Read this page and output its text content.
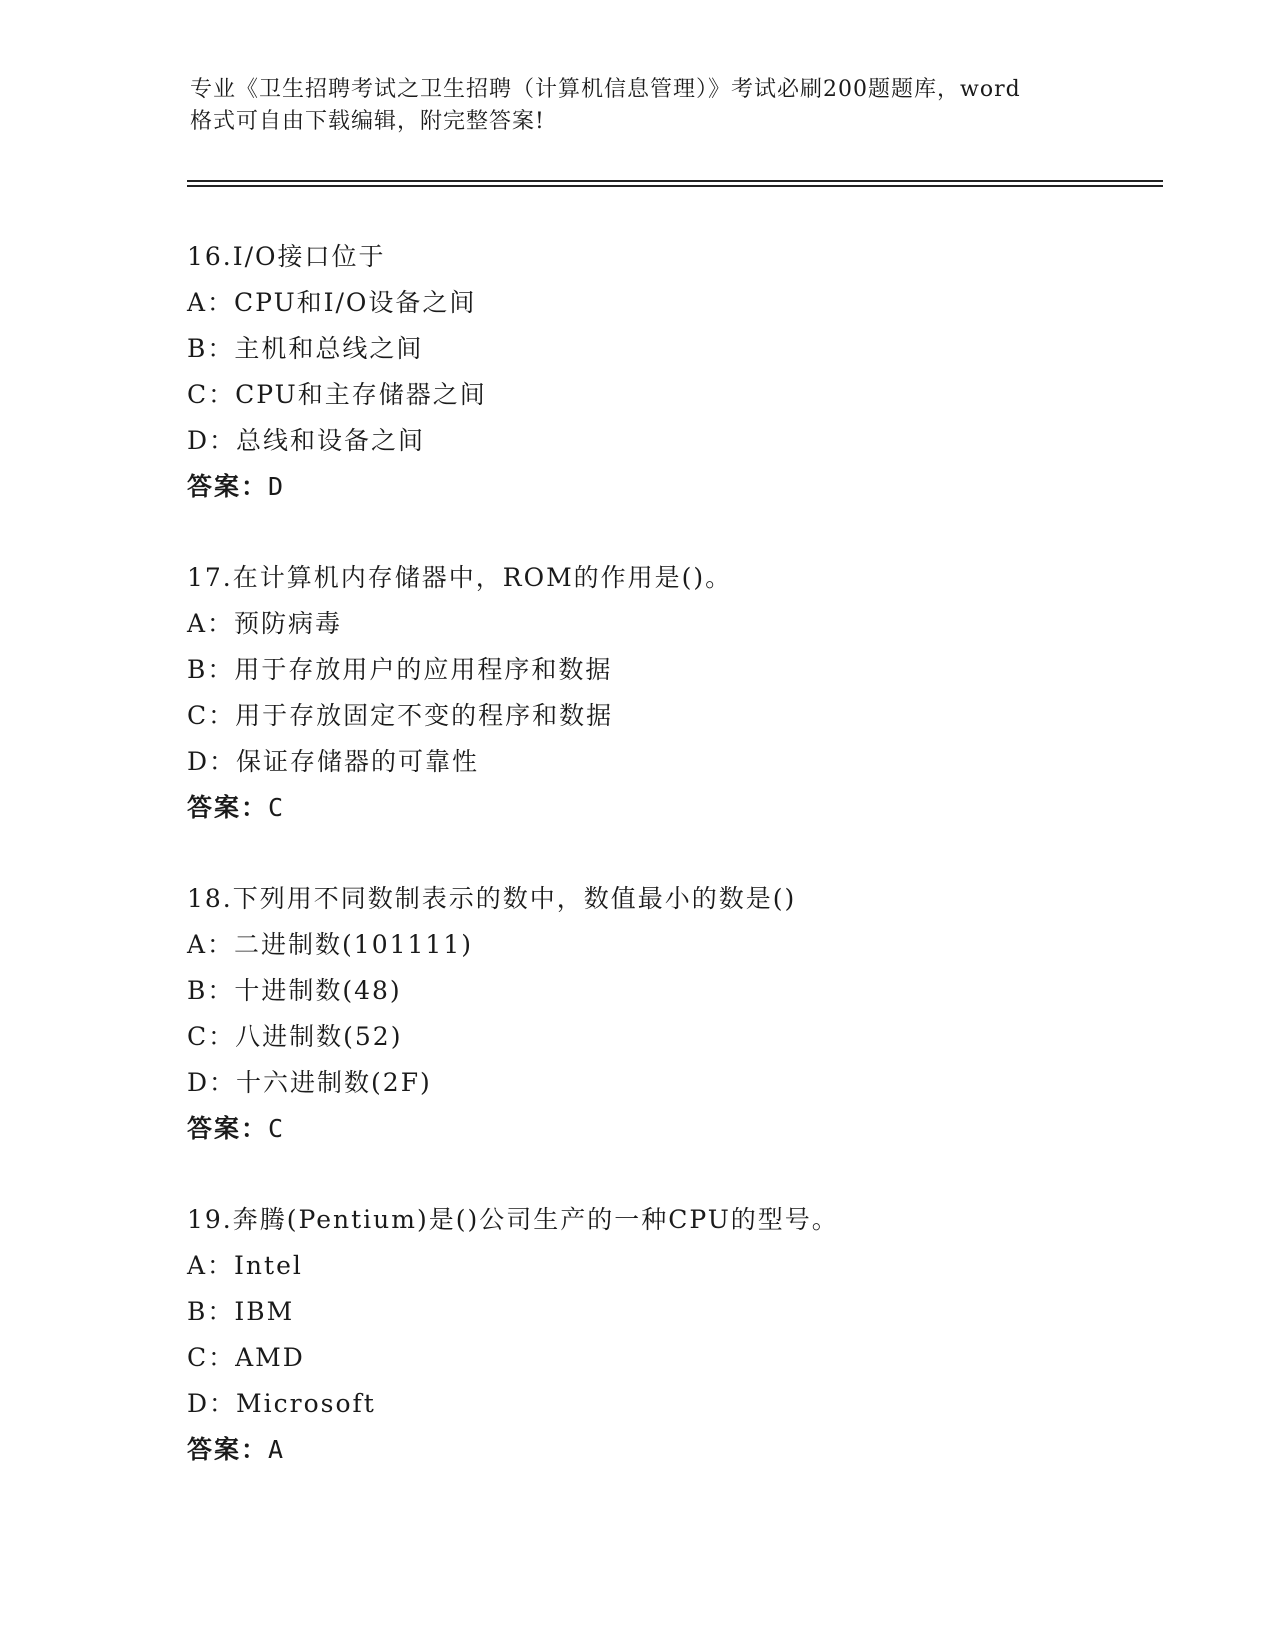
专业《卫生招聘考试之卫生招聘（计算机信息管理）》考试必刷200题题库，word
格式可自由下载编辑，附完整答案!
16.I/O接口位于
A：CPU和I/O设备之间
B：主机和总线之间
C：CPU和主存储器之间
D：总线和设备之间
答案：D
17.在计算机内存储器中，ROM的作用是()。
A：预防病毒
B：用于存放用户的应用程序和数据
C：用于存放固定不变的程序和数据
D：保证存储器的可靠性
答案：C
18.下列用不同数制表示的数中，数值最小的数是()
A：二进制数(101111)
B：十进制数(48)
C：八进制数(52)
D：十六进制数(2F)
答案：C
19.奔腾(Pentium)是()公司生产的一种CPU的型号。
A：Intel
B：IBM
C：AMD
D：Microsoft
答案：A
